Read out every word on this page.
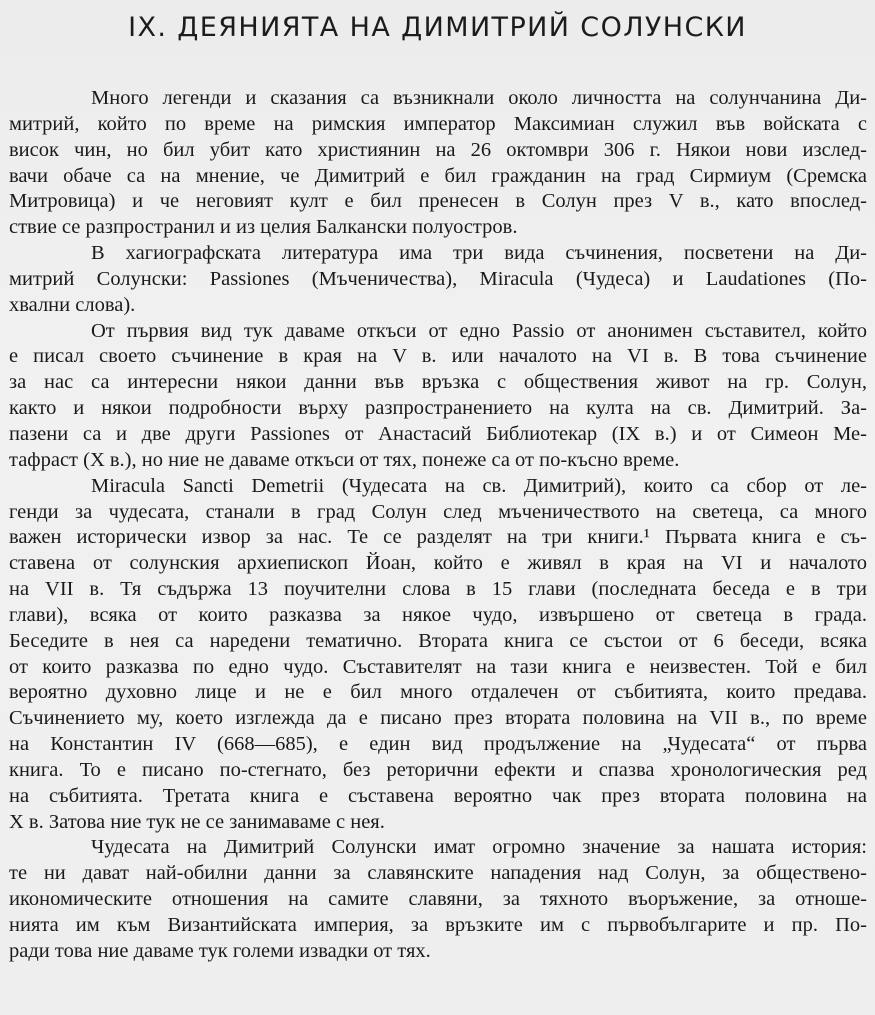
IX. ДЕЯНИЯТА НА ДИМИТРИЙ СОЛУНСКИ
Много легенди и сказания са възникнали около личността на солунчанина Ди-
митрий, който по време на римския император Максимиан служил във войската с
висок чин, но бил убит като християнин на 26 октомври 306 г. Някои нови изслед-
вачи обаче са на мнение, че Димитрий е бил гражданин на град Сирмиум (Сремска
Митровица) и че неговият култ е бил пренесен в Солун през V в., като впослед-
ствие се разпространил и из целия Балкански полуостров.
В хагиографската литература има три вида съчинения, посветени на Ди-
митрий Солунски: Passiones (Мъченичества), Miracula (Чудеса) и Laudationes (По-
хвални слова).
От първия вид тук даваме откъси от едно Passio от анонимен съставител, който
е писал своето съчинение в края на V в. или началото на VI в. В това съчинение
за нас са интересни някои данни във връзка с обществения живот на гр. Солун,
както и някои подробности върху разпространението на култа на св. Димитрий. За-
пазени са и две други Passiones от Анастасий Библиотекар (IX в.) и от Симеон Ме-
тафраст (X в.), но ние не даваме откъси от тях, понеже са от по-късно време.
Miracula Sancti Demetrii (Чудесата на св. Димитрий), които са сбор от ле-
генди за чудесата, станали в град Солун след мъченичеството на светеца, са много
важен исторически извор за нас. Те се разделят на три книги.¹ Първата книга е съ-
ставена от солунския архиепископ Йоан, който е живял в края на VI и началото
на VII в. Тя съдържа 13 поучителни слова в 15 глави (последната беседа е в три
глави), всяка от които разказва за някое чудо, извършено от светеца в града.
Беседите в нея са наредени тематично. Втората книга се състои от 6 беседи, всяка
от които разказва по едно чудо. Съставителят на тази книга е неизвестен. Той е бил
вероятно духовно лице и не е бил много отдалечен от събитията, които предава.
Съчинението му, което изглежда да е писано през втората половина на VII в., по време
на Константин IV (668—685), е един вид продължение на „Чудесата“ от първа
книга. То е писано по-стегнато, без реторични ефекти и спазва хронологическия ред
на събитията. Третата книга е съставена вероятно чак през втората половина на
X в. Затова ние тук не се занимаваме с нея.
Чудесата на Димитрий Солунски имат огромно значение за нашата история:
те ни дават най-обилни данни за славянските нападения над Солун, за обществено-
икономическите отношения на самите славяни, за тяхното въоръжение, за отноше-
нията им към Византийската империя, за връзките им с първобългарите и пр. По-
ради това ние даваме тук големи извадки от тях.
